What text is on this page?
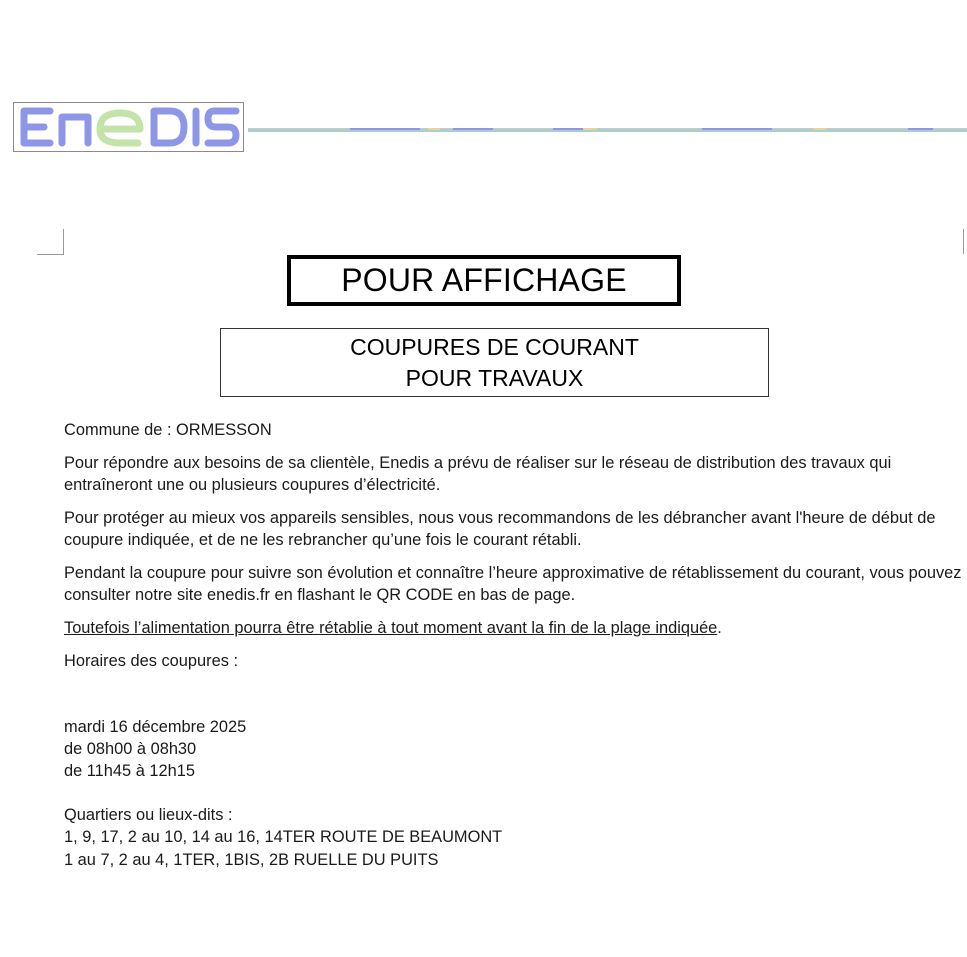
POUR AFFICHAGE
COUPURES DE COURANT
POUR TRAVAUX
Commune de : ORMESSON
Pour répondre aux besoins de sa clientèle, Enedis a prévu de réaliser sur le réseau de distribution des travaux qui entraîneront une ou plusieurs coupures d’électricité.
Pour protéger au mieux vos appareils sensibles, nous vous recommandons de les débrancher avant l'heure de début de coupure indiquée, et de ne les rebrancher qu’une fois le courant rétabli.
Pendant la coupure pour suivre son évolution et connaître l’heure approximative de rétablissement du courant, vous pouvez consulter notre site enedis.fr en flashant le QR CODE en bas de page.
Toutefois l’alimentation pourra être rétablie à tout moment avant la fin de la plage indiquée.
Horaires des coupures :
mardi 16 décembre 2025
de 08h00 à 08h30
de 11h45 à 12h15
Quartiers ou lieux-dits :
1, 9, 17, 2 au 10, 14 au 16, 14TER ROUTE DE BEAUMONT
1 au 7, 2 au 4, 1TER, 1BIS, 2B RUELLE DU PUITS
